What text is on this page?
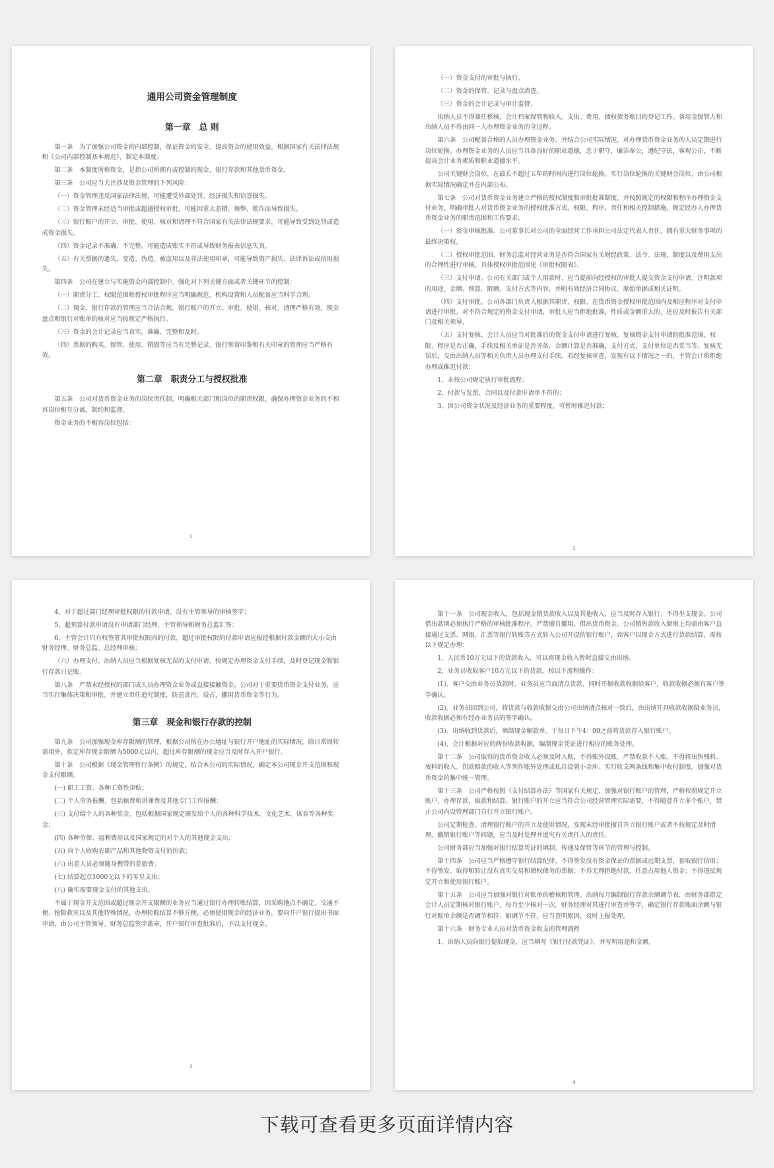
通用公司资金管理制度
第一章　总 则

第一条　为了加强公司资金的内部控制，保证资金的安全，提高资金的使用效益，根据国家有关法律法规和《公司内部控制基本规范》，制定本制度。

第二条　本制度所称资金，是指公司所拥有或控制的现金、银行存款和其他货币资金。

第三条　公司应当关注涉及资金管理的下列风险：

（一）资金管理违反国家法律法规，可能遭受外部处罚、经济损失和信誉损失。

（二）资金管理未经适当审批或超越授权审批，可能因重大差错、舞弊、欺诈而导致损失。

（三）银行账户的开立、审批、使用、核对和清理不符合国家有关法律法规要求，可能导致受到处罚或造成资金损失。

（四）资金记录不准确、不完整，可能造成账实不符或导致财务报表信息失真。

（五）有关票据的遗失、变造、伪造、被盗用以及非法使用印章，可能导致资产损失、法律诉讼或信用损失。

第四条　公司在建立与实施资金内部控制中，强化对下列关键方面或者关键环节的控制：

（一）职责分工、权限范围和授权审批程序应当明确规范，机构设置和人员配备应当科学合理。

（二）现金、银行存款的管理应当合法合规，银行账户的开立、审批、使用、核对、清理严格有效，现金盘点和银行对账单的核对应当按规定严格执行。

（三）资金的会计记录应当真实、准确、完整和及时。

（四）票据的购买、保管、使用、销毁等应当有完整记录，银行预留印鉴和有关印章的管理应当严格有效。

第二章　职责分工与授权批准

第五条　公司对货币资金业务的岗位责任制，明确相关部门和岗位的职责权限，确保办理资金业务的不相容岗位相互分离、制约和监督。

资金业务的不相容岗位包括：

1

（一）资金支付的审批与执行。

（二）资金的保管、记录与盘点清查。

（三）资金的会计记录与审计监督。

出纳人员不得兼任稽核、会计档案保管和收入、支出、费用、债权债务账目的登记工作。备用金保管人和出纳人员不得由同一人办理资金业务的全过程。

第六条　公司配备合格的人员办理资金业务，并结合公司实际情况，对办理货币资金业务的人员定期进行岗位轮换。办理资金业务的人员应当具备良好的职业道德，忠于职守，廉洁奉公，遵纪守法，客观公正，不断提高会计业务素质和职业道德水平。

公司关键财会岗位，在最长不超过五年的时间内进行岗位轮换。实行岗位轮换的关键财会岗位，由公司根据实际情况确定并在内部公布。

第七条　公司对货币资金业务建立严格的授权制度和审批批准制度，并按照规定的权限和程序办理资金支付业务，明确审批人对货币资金业务的授权批准方式、权限、程序、责任和相关控制措施，规定经办人办理货币资金业务的职责范围和工作要求。

（一）资金审核批准。公司董事长对公司的全面经营工作承担公司法定代表人责任，拥有重大财务事项的最终决策权。

（二）授权审批范围。财务总监对经营业务是否符合国家有关财经政策、法令、法规，制度以及费用支出的合理性进行审核。具体授权审批范围见《审批权限表》。

（三）支付申请。公司有关部门或个人用款时，应当提前向经授权的审批人提交资金支付申请，注明款项的用途、金额、预算、限额、支付方式等内容，并附有效经济合同协议、原始单据或相关证明。

（四）支付审批。公司各部门负责人根据其职责、权限、在货币资金授权审批范围内及相应程序对支付申请进行审批。对不符合规定的资金支付申请，审批人应当拒绝批准，性质或金额重大的，还应及时报告有关部门及相关领导。

（五）支付复核。会计人员应当对批准后的资金支付申请进行复核，复核资金支付申请的批准范围、权限、程序是否正确，手续及相关单证是否齐备，金额计算是否准确，支付方式、支付单位是否妥当等。复核无误后，交由出纳人员等相关负责人员办理支付手续。若经复核审查，发现有以下情况之一的，主管会计将拒绝办理或推迟付款：

1、未按公司规定执行审批流程；

2、付款与发票、合同以及付款申请单不符的；

3、因公司资金状况及经济业务的重要程度，可暂时推迟付款；

2

4、对于超过部门经理审批权限的付款申请，没有主管领导的审核签字；

5、超预算付款申请没有申请部门经理、主管领导和财务总监汇签；

6、主管会计只有权签署其审批权限内的付款，超过审批权限的付款申请应报经根据付款金额的大小交由财务经理、财务总监、总经理审核；

（六）办理支付。出纳人员应当根据复核无误的支付申请，按规定办理资金支付手续，及时登记现金和银行存款日记账。

第八条　严禁未经授权的部门或人员办理资金业务或直接接触资金。公司对于重要货币资金支付业务，应当实行集体决策和审批，并建立责任追究制度，防范贪污、侵占、挪用货币资金等行为。

第三章　现金和银行存款的控制

第九条　公司加强现金库存限额的管理，根据公司所在办公地址与银行开户地址的实际情况，除日常周转需用外，拟定库存现金限额为5000元以内，超过库存限额的现金应当及时存入开户银行。

第十条　公司根据《现金管理暂行条例》的规定，结合本公司的实际情况，确定本公司现金开支范围和现金支付限额。

(一) 职工工资、各种工资性津贴；

(二) 个人劳务报酬，包括稿费和讲课费及其他专门工作报酬；

(三) 支付给个人的各种奖金，包括根据国家规定颁发给个人的各种科学技术、文化艺术、体育等各种奖金；

(四) 各种劳保、福利费用以及国家规定的对个人的其他现金支出；

(五) 向个人收购农副产品和其他物资支付的价款；

(六) 出差人员必须随身携带的差旅费；

(七) 结算起点1000元以下的零星支出；

(八) 确实需要现金支付的其他支出。

不属于现金开支范围或超过现金开支限额的业务应当通过银行办理转账结算，因采购地点不确定、交通不便、抢险救灾以及其他特殊情况，办理转账结算不够方便，必须使用现金的经济业务，要向开户银行提出书面申请，由公司主管领导、财务总监签字盖章，开户银行审查批准后，予以支付现金。

3

第十一条　公司现金收入，包括现金销货款收入以及其他收入，应当及时存入银行，不得坐支现金。公司借出款项必须执行严格的审核批准程序，严禁擅自挪用、借出货币资金。公司销售款收入原则上均需由客户直接通过支票、网银、汇票等银行转账等方式转入公司开设的银行账户，如客户以现金方式进行货款结算，需按以下规定办理：

1、人民币10万元以下的货款收入，可以将现金收入暂时直接交由出纳。

2、业务员收取客户10万元以下的货款，按以下流程操作：

(1)、客户交由业务员货款时，业务员应当面清点货款，同时开据收款收据给客户，收款收据必须有客户签字确认。

(2)、业务员回到公司，将货款与收款收据交由公司出纳清点核对一致后，由出纳开具收款收据给业务员，收款收据必须有经办业务员的签字确认。

(3)、出纳收到货款后，填制现金解款单，于每日下午4：00之前将货款存入银行账户。

(4)、会计根据对应的两份收款收据，编制现金凭证进行相应的账务处理。

第十二条　公司取得的货币资金收入必须及时入账，不得账外设账，严禁收款不入账。不得将出售残料、废料的收入、罚款赔款的收入等列作账外处理或私自设置小金库。实行收支两条线和集中收付制度，加强对货币资金的集中统一管理。

第十三条　公司严格按照《支付结算办法》等国家有关规定，加强对银行账户的管理，严格按照规定开立账户，办理存款、取款和结算。银行账户的开立应当符合公司经营管理实际需要，不得随意开立多个账户，禁止公司内设管理部门自行开立银行账户。

公司定期检查、清理银行账户的开立及使用情况，发现未经审批擅自开立银行账户或者不按规定及时清理、撤销银行账户等问题，应当及时处理并追究有关责任人的责任。

公司财务部应当加强对银行结算凭证的填制、传递及保管等环节的管理与控制。

第十四条　公司应当严格遵守银行结算纪律，不得签发没有资金保证的票据或远期支票，套取银行信用；不得签发、取得和转让没有真实交易和债权债务的票据；不得无理拒绝付款，任意占用他人资金；不得违反规定开立和使用银行账户。

第十五条　公司应当加强对银行对账单的稽核和管理。出纳每月编制银行存款余额调节表，由财务部指定会计人员定期核对银行账户，每月至少核对一次，财务经理对其进行审查并签字，确定银行存款账面余额与银行对账单余额是否调节相符。如调节不符，应当查明原因，及时上报处理。

第十六条　财务专业人员对货币资金收支的管理流程

1、出纳人员向银行提取现金，应当填写《银行付款凭证》，并写明用途和金额，

4
下载可查看更多页面详情内容
